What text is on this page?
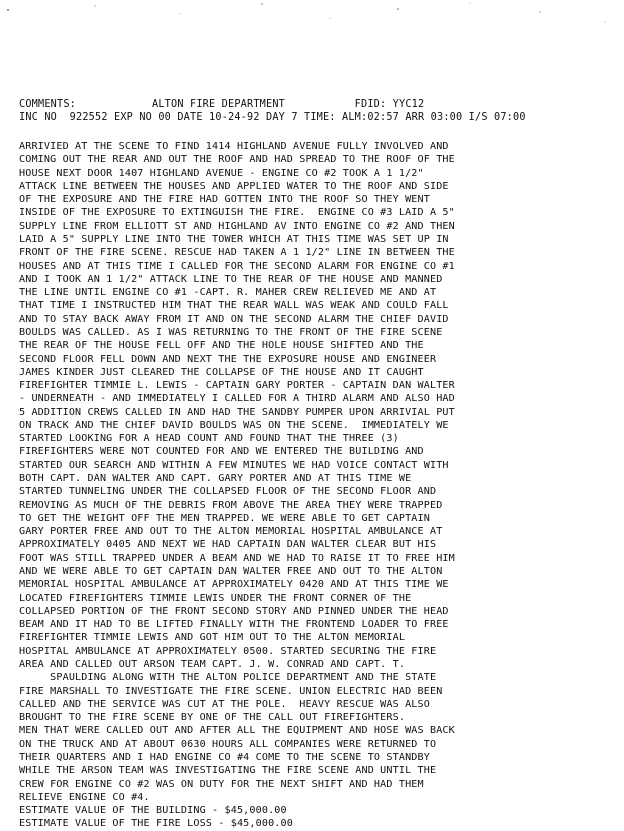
COMMENTS:            ALTON FIRE DEPARTMENT           FDID: YYC12
INC NO  922552 EXP NO 00 DATE 10-24-92 DAY 7 TIME: ALM:02:57 ARR 03:00 I/S 07:00
ARRIVIED AT THE SCENE TO FIND 1414 HIGHLAND AVENUE FULLY INVOLVED AND
COMING OUT THE REAR AND OUT THE ROOF AND HAD SPREAD TO THE ROOF OF THE
HOUSE NEXT DOOR 1407 HIGHLAND AVENUE - ENGINE CO #2 TOOK A 1 1/2"
ATTACK LINE BETWEEN THE HOUSES AND APPLIED WATER TO THE ROOF AND SIDE
OF THE EXPOSURE AND THE FIRE HAD GOTTEN INTO THE ROOF SO THEY WENT
INSIDE OF THE EXPOSURE TO EXTINGUISH THE FIRE.  ENGINE CO #3 LAID A 5"
SUPPLY LINE FROM ELLIOTT ST AND HIGHLAND AV INTO ENGINE CO #2 AND THEN
LAID A 5" SUPPLY LINE INTO THE TOWER WHICH AT THIS TIME WAS SET UP IN
FRONT OF THE FIRE SCENE. RESCUE HAD TAKEN A 1 1/2" LINE IN BETWEEN THE
HOUSES AND AT THIS TIME I CALLED FOR THE SECOND ALARM FOR ENGINE CO #1
AND I TOOK AN 1 1/2" ATTACK LINE TO THE REAR OF THE HOUSE AND MANNED
THE LINE UNTIL ENGINE CO #1 -CAPT. R. MAHER CREW RELIEVED ME AND AT
THAT TIME I INSTRUCTED HIM THAT THE REAR WALL WAS WEAK AND COULD FALL
AND TO STAY BACK AWAY FROM IT AND ON THE SECOND ALARM THE CHIEF DAVID
BOULDS WAS CALLED. AS I WAS RETURNING TO THE FRONT OF THE FIRE SCENE
THE REAR OF THE HOUSE FELL OFF AND THE HOLE HOUSE SHIFTED AND THE
SECOND FLOOR FELL DOWN AND NEXT THE THE EXPOSURE HOUSE AND ENGINEER
JAMES KINDER JUST CLEARED THE COLLAPSE OF THE HOUSE AND IT CAUGHT
FIREFIGHTER TIMMIE L. LEWIS - CAPTAIN GARY PORTER - CAPTAIN DAN WALTER
- UNDERNEATH - AND IMMEDIATELY I CALLED FOR A THIRD ALARM AND ALSO HAD
5 ADDITION CREWS CALLED IN AND HAD THE SANDBY PUMPER UPON ARRIVIAL PUT
ON TRACK AND THE CHIEF DAVID BOULDS WAS ON THE SCENE.  IMMEDIATELY WE
STARTED LOOKING FOR A HEAD COUNT AND FOUND THAT THE THREE (3)
FIREFIGHTERS WERE NOT COUNTED FOR AND WE ENTERED THE BUILDING AND
STARTED OUR SEARCH AND WITHIN A FEW MINUTES WE HAD VOICE CONTACT WITH
BOTH CAPT. DAN WALTER AND CAPT. GARY PORTER AND AT THIS TIME WE
STARTED TUNNELING UNDER THE COLLAPSED FLOOR OF THE SECOND FLOOR AND
REMOVING AS MUCH OF THE DEBRIS FROM ABOVE THE AREA THEY WERE TRAPPED
TO GET THE WEIGHT OFF THE MEN TRAPPED. WE WERE ABLE TO GET CAPTAIN
GARY PORTER FREE AND OUT TO THE ALTON MEMORIAL HOSPITAL AMBULANCE AT
APPROXIMATELY 0405 AND NEXT WE HAD CAPTAIN DAN WALTER CLEAR BUT HIS
FOOT WAS STILL TRAPPED UNDER A BEAM AND WE HAD TO RAISE IT TO FREE HIM
AND WE WERE ABLE TO GET CAPTAIN DAN WALTER FREE AND OUT TO THE ALTON
MEMORIAL HOSPITAL AMBULANCE AT APPROXIMATELY 0420 AND AT THIS TIME WE
LOCATED FIREFIGHTERS TIMMIE LEWIS UNDER THE FRONT CORNER OF THE
COLLAPSED PORTION OF THE FRONT SECOND STORY AND PINNED UNDER THE HEAD
BEAM AND IT HAD TO BE LIFTED FINALLY WITH THE FRONTEND LOADER TO FREE
FIREFIGHTER TIMMIE LEWIS AND GOT HIM OUT TO THE ALTON MEMORIAL
HOSPITAL AMBULANCE AT APPROXIMATELY 0500. STARTED SECURING THE FIRE
AREA AND CALLED OUT ARSON TEAM CAPT. J. W. CONRAD AND CAPT. T.
SPAULDING ALONG WITH THE ALTON POLICE DEPARTMENT AND THE STATE
FIRE MARSHALL TO INVESTIGATE THE FIRE SCENE. UNION ELECTRIC HAD BEEN
CALLED AND THE SERVICE WAS CUT AT THE POLE.  HEAVY RESCUE WAS ALSO
BROUGHT TO THE FIRE SCENE BY ONE OF THE CALL OUT FIREFIGHTERS.
MEN THAT WERE CALLED OUT AND AFTER ALL THE EQUIPMENT AND HOSE WAS BACK
ON THE TRUCK AND AT ABOUT 0630 HOURS ALL COMPANIES WERE RETURNED TO
THEIR QUARTERS AND I HAD ENGINE CO #4 COME TO THE SCENE TO STANDBY
WHILE THE ARSON TEAM WAS INVESTIGATING THE FIRE SCENE AND UNTIL THE
CREW FOR ENGINE CO #2 WAS ON DUTY FOR THE NEXT SHIFT AND HAD THEM
RELIEVE ENGINE CO #4.
ESTIMATE VALUE OF THE BUILDING - $45,000.00
ESTIMATE VALUE OF THE FIRE LOSS - $45,000.00
